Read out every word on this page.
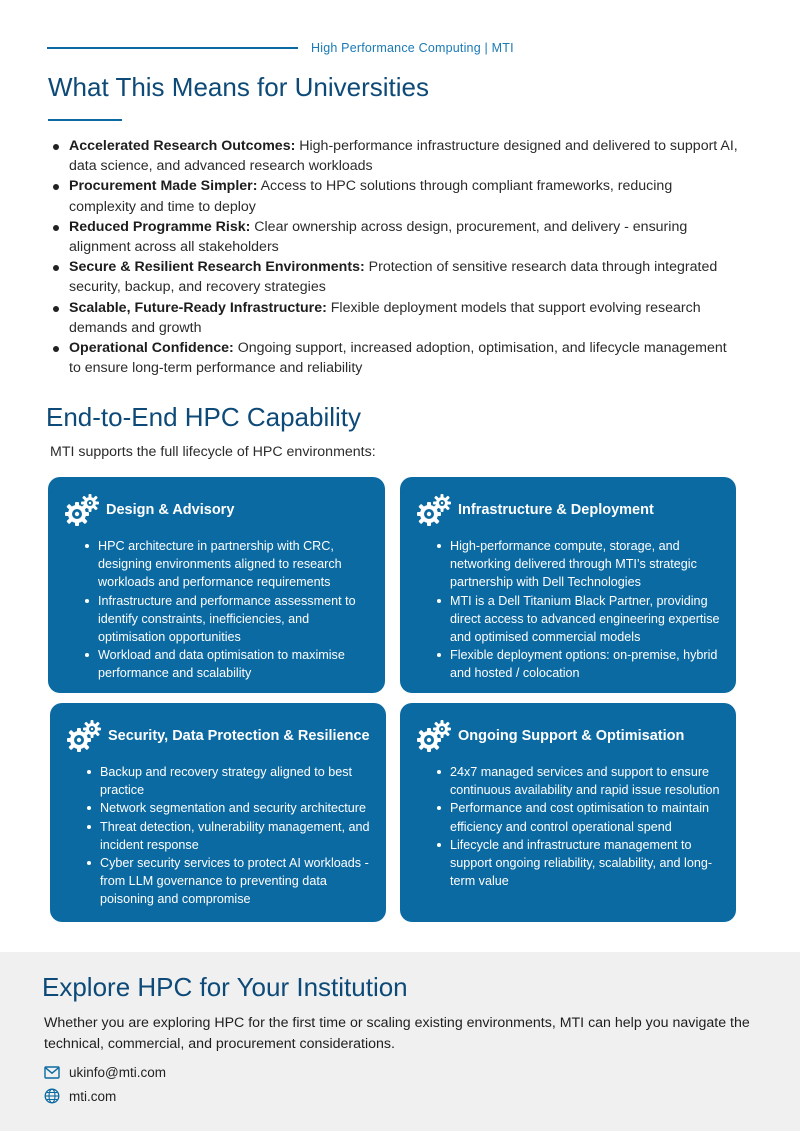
High Performance Computing | MTI
What This Means for Universities
Accelerated Research Outcomes: High-performance infrastructure designed and delivered to support AI, data science, and advanced research workloads
Procurement Made Simpler: Access to HPC solutions through compliant frameworks, reducing complexity and time to deploy
Reduced Programme Risk: Clear ownership across design, procurement, and delivery - ensuring alignment across all stakeholders
Secure & Resilient Research Environments: Protection of sensitive research data through integrated security, backup, and recovery strategies
Scalable, Future-Ready Infrastructure: Flexible deployment models that support evolving research demands and growth
Operational Confidence: Ongoing support, increased adoption, optimisation, and lifecycle management to ensure long-term performance and reliability
End-to-End HPC Capability

MTI supports the full lifecycle of HPC environments:

Design & Advisory
HPC architecture in partnership with CRC, designing environments aligned to research workloads and performance requirements
Infrastructure and performance assessment to identify constraints, inefficiencies, and optimisation opportunities
Workload and data optimisation to maximise performance and scalability
Infrastructure & Deployment
High-performance compute, storage, and networking delivered through MTI’s strategic partnership with Dell Technologies
MTI is a Dell Titanium Black Partner, providing direct access to advanced engineering expertise and optimised commercial models
Flexible deployment options: on-premise, hybrid and hosted / colocation
Security, Data Protection & Resilience
Backup and recovery strategy aligned to best practice
Network segmentation and security architecture
Threat detection, vulnerability management, and incident response
Cyber security services to protect AI workloads - from LLM governance to preventing data poisoning and compromise
Ongoing Support & Optimisation
24x7 managed services and support to ensure continuous availability and rapid issue resolution
Performance and cost optimisation to maintain efficiency and control operational spend
Lifecycle and infrastructure management to support ongoing reliability, scalability, and long-term value
Explore HPC for Your Institution

Whether you are exploring HPC for the first time or scaling existing environments, MTI can help you navigate the technical, commercial, and procurement considerations.

ukinfo@mti.com
mti.com
